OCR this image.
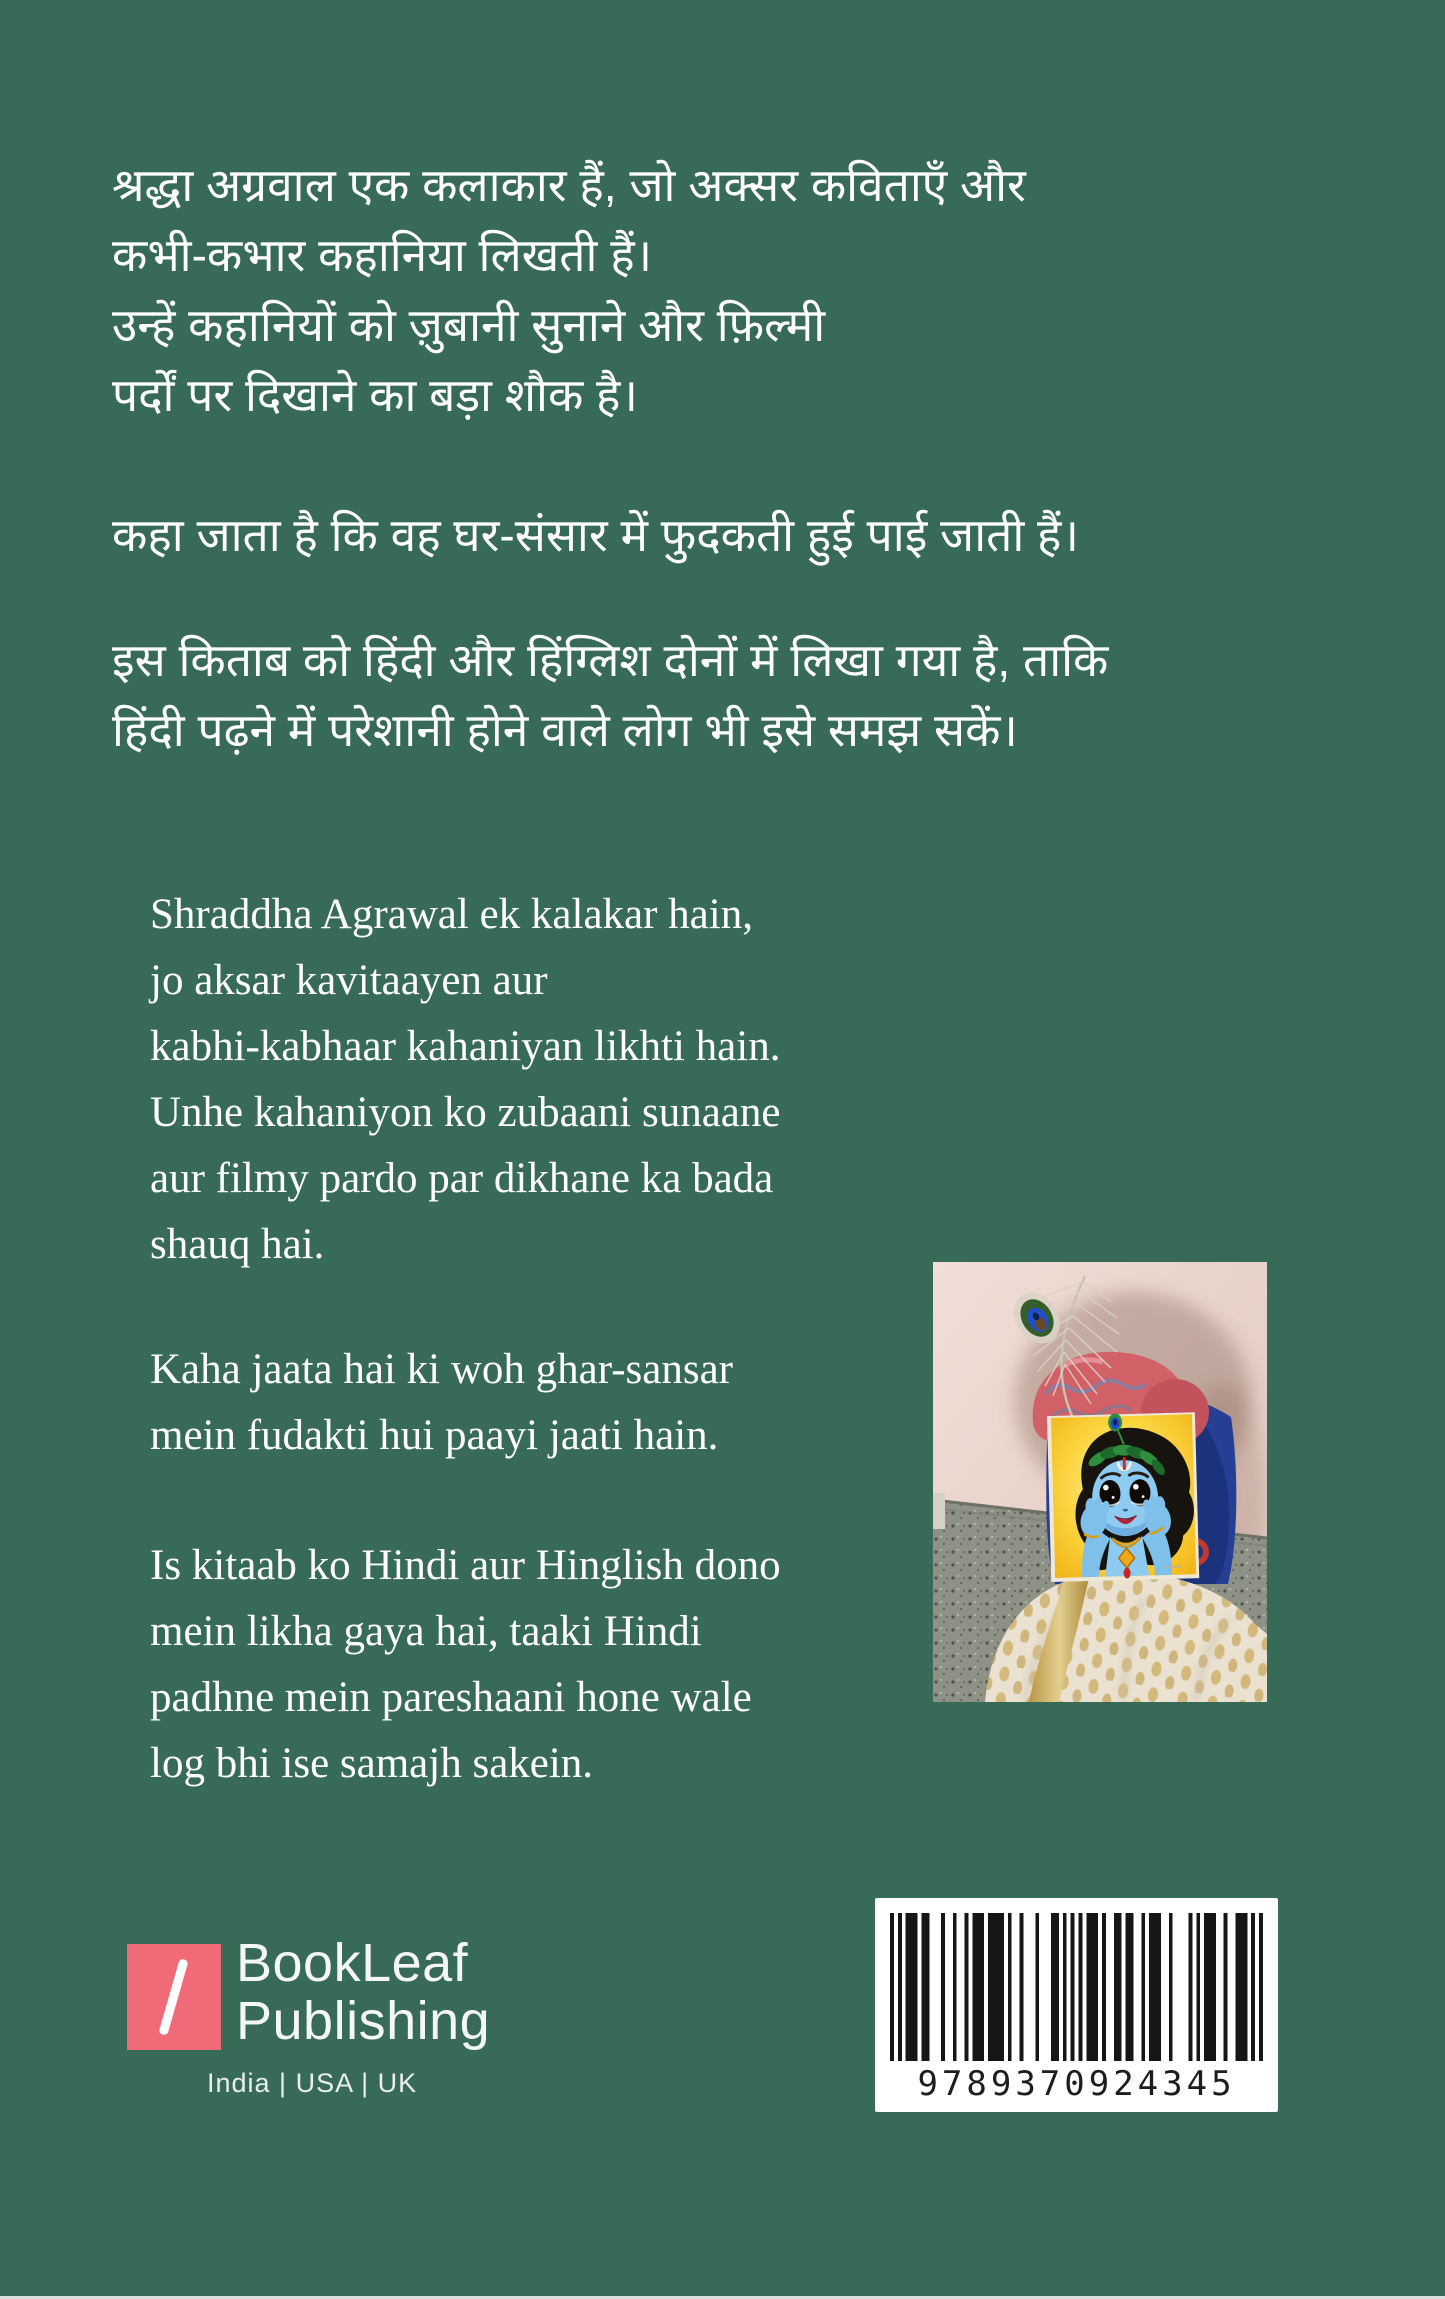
श्रद्धा अग्रवाल एक कलाकार हैं, जो अक्सर कविताएँ और
कभी-कभार कहानिया लिखती हैं।
उन्हें कहानियों को ज़ुबानी सुनाने और फ़िल्मी
पर्दों पर दिखाने का बड़ा शौक है।
कहा जाता है कि वह घर-संसार में फुदकती हुई पाई जाती हैं।
इस किताब को हिंदी और हिंग्लिश दोनों में लिखा गया है, ताकि
हिंदी पढ़ने में परेशानी होने वाले लोग भी इसे समझ सकें।
Shraddha Agrawal ek kalakar hain,
jo aksar kavitaayen aur
kabhi-kabhaar kahaniyan likhti hain.
Unhe kahaniyon ko zubaani sunaane
aur filmy pardo par dikhane ka bada
shauq hai.
Kaha jaata hai ki woh ghar-sansar
mein fudakti hui paayi jaati hain.
Is kitaab ko Hindi aur Hinglish dono
mein likha gaya hai, taaki Hindi
padhne mein pareshaani hone wale
log bhi ise samajh sakein.
BookLeaf
Publishing
India | USA | UK	9789370924345
